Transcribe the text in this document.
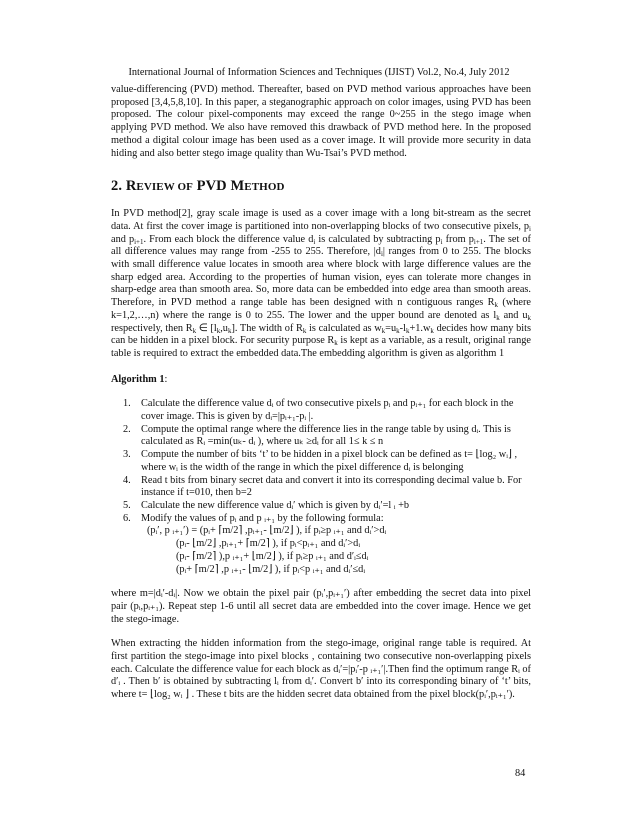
International Journal of Information Sciences and Techniques (IJIST) Vol.2, No.4, July 2012

value-differencing (PVD) method. Thereafter, based on PVD method various approaches have been proposed [3,4,5,8,10]. In this paper, a steganographic approach on color images, using PVD has been proposed. The colour pixel-components may exceed the range 0~255 in the stego image when applying PVD method. We also have removed this drawback of PVD method here. In the proposed method a digital colour image has been used as a cover image. It will provide more security in data hiding and also better stego image quality than Wu-Tsai’s PVD method.

2. REVIEW OF PVD METHOD

In PVD method[2], gray scale image is used as a cover image with a long bit-stream as the secret data. At first the cover image is partitioned into non-overlapping blocks of two consecutive pixels, $p_i$ and $p_{i+1}$. From each block the difference value $d_i$ is calculated by subtracting $p_i$ from $p_{i+1}$. The set of all difference values may range from -255 to 255. Therefore, $|d_i|$ ranges from 0 to 255. The blocks with small difference value locates in smooth area where block with large difference values are the sharp edged area. According to the properties of human vision, eyes can tolerate more changes in sharp-edge area than smooth area. So, more data can be embedded into edge area than smooth areas. Therefore, in PVD method a range table has been designed with n contiguous ranges $R_k$ (where k=1,2,…,n) where the range is 0 to 255. The lower and the upper bound are denoted as $l_k$ and $u_k$ respectively, then $R_k$ ∈ $[l_k,u_k]$. The width of $R_k$ is calculated as $w_k=u_k-l_k+1.w_k$ decides how many bits can be hidden in a pixel block. For security purpose $R_k$ is kept as a variable, as a result, original range table is required to extract the embedded data.The embedding algorithm is given as algorithm 1

Algorithm 1:

1. Calculate the difference value dᵢ of two consecutive pixels pᵢ and pᵢ₊₁ for each block in the cover image. This is given by dᵢ=|pᵢ₊₁-pᵢ |.
2. Compute the optimal range where the difference lies in the range table by using dᵢ. This is calculated as Rᵢ =min(uₖ- dᵢ ), where uₖ ≥dᵢ for all 1≤ k ≤ n
3. Compute the number of bits ‘t’ to be hidden in a pixel block can be defined as t= ⌊log₂ wᵢ⌋ , where wᵢ is the width of the range in which the pixel difference dᵢ is belonging
4. Read t bits from binary secret data and convert it into its corresponding decimal value b. For instance if t=010, then b=2
5. Calculate the new difference value dᵢ′ which is given by dᵢ′=l ᵢ +b
6. Modify the values of pᵢ and p ᵢ₊₁ by the following formula:

(pᵢ′, p ᵢ₊₁′) = (pᵢ+ ⌈m/2⌉ ,pᵢ₊₁- ⌊m/2⌋ ), if pᵢ≥p ᵢ₊₁ and dᵢ′>dᵢ

(pᵢ- ⌊m/2⌋ ,pᵢ₊₁+ ⌈m/2⌉ ), if pᵢ<pᵢ₊₁ and dᵢ′>dᵢ

(pᵢ- ⌈m/2⌉ ),p ᵢ₊₁+ ⌊m/2⌋ ), if pᵢ≥p ᵢ₊₁ and d′ᵢ≤dᵢ

(pᵢ+ ⌈m/2⌉ ,p ᵢ₊₁- ⌊m/2⌋ ), if pᵢ<p ᵢ₊₁ and dᵢ′≤dᵢ

where m=|dᵢ′-dᵢ|. Now we obtain the pixel pair (pᵢ′,pᵢ₊₁′) after embedding the secret data into pixel pair (pᵢ,pᵢ₊₁). Repeat step 1-6 until all secret data are embedded into the cover image. Hence we get the stego-image.

When extracting the hidden information from the stego-image, original range table is required. At first partition the stego-image into pixel blocks , containing two consecutive non-overlapping pixels each. Calculate the difference value for each block as dᵢ′=|pᵢ′-p ᵢ₊₁′|.Then find the optimum range Rᵢ of d′ᵢ . Then b′ is obtained by subtracting lᵢ from dᵢ′. Convert b′ into its corresponding binary of ‘t’ bits, where t= ⌊log₂ wᵢ ⌋ . These t bits are the hidden secret data obtained from the pixel block(pᵢ′,pᵢ₊₁′).

84
